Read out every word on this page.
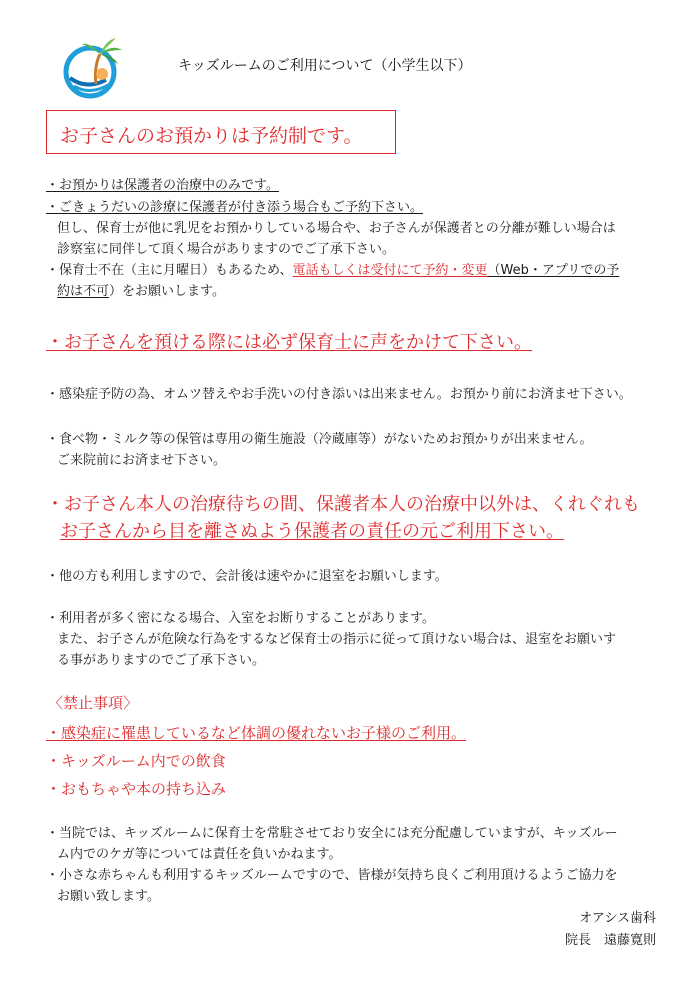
キッズルームのご利用について（小学生以下）
お子さんのお預かりは予約制です。
・お預かりは保護者の治療中のみです。
・ごきょうだいの診療に保護者が付き添う場合もご予約下さい。
但し、保育士が他に乳児をお預かりしている場合や、お子さんが保護者との分離が難しい場合は
診察室に同伴して頂く場合がありますのでご了承下さい。
・保育士不在（主に月曜日）もあるため、電話もしくは受付にて予約・変更（Web・アプリでの予
約は不可）をお願いします。
・お子さんを預ける際には必ず保育士に声をかけて下さい。
・感染症予防の為、オムツ替えやお手洗いの付き添いは出来ません。お預かり前にお済ませ下さい。
・食べ物・ミルク等の保管は専用の衛生施設（冷蔵庫等）がないためお預かりが出来ません。
ご来院前にお済ませ下さい。
・お子さん本人の治療待ちの間、保護者本人の治療中以外は、くれぐれも
お子さんから目を離さぬよう保護者の責任の元ご利用下さい。
・他の方も利用しますので、会計後は速やかに退室をお願いします。
・利用者が多く密になる場合、入室をお断りすることがあります。
また、お子さんが危険な行為をするなど保育士の指示に従って頂けない場合は、退室をお願いす
る事がありますのでご了承下さい。
〈禁止事項〉
・感染症に罹患しているなど体調の優れないお子様のご利用。
・キッズルーム内での飲食
・おもちゃや本の持ち込み
・当院では、キッズルームに保育士を常駐させており安全には充分配慮していますが、キッズルー
ム内でのケガ等については責任を負いかねます。
・小さな赤ちゃんも利用するキッズルームですので、皆様が気持ち良くご利用頂けるようご協力を
お願い致します。
オアシス歯科
院長　遠藤寛則
